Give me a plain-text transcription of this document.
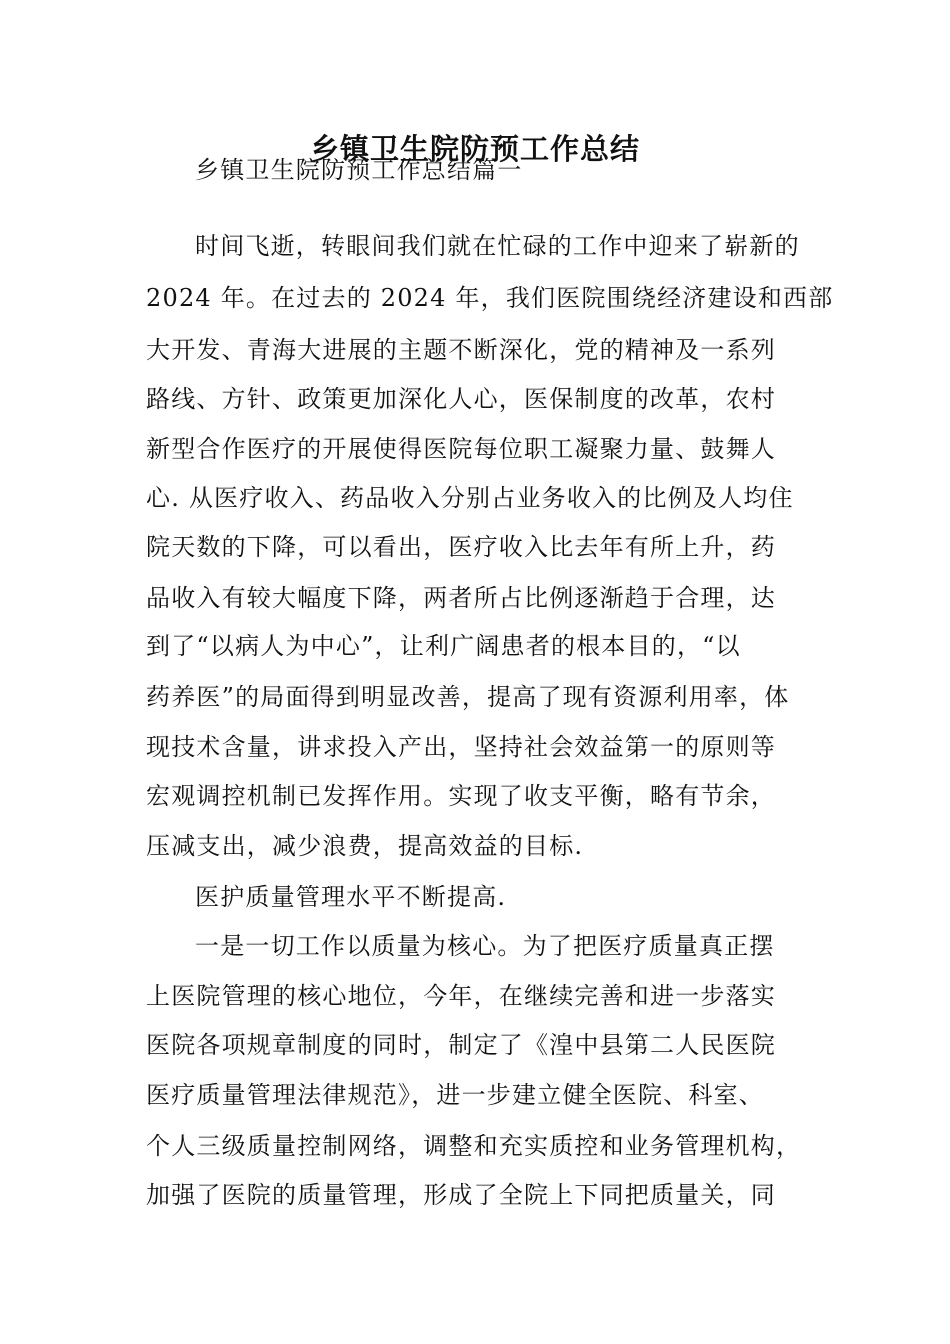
乡镇卫生院防预工作总结
乡镇卫生院防预工作总结篇一
时间飞逝，转眼间我们就在忙碌的工作中迎来了崭新的
2024 年。在过去的 2024 年，我们医院围绕经济建设和西部
大开发、青海大进展的主题不断深化，党的精神及一系列
路线、方针、政策更加深化人心，医保制度的改革，农村
新型合作医疗的开展使得医院每位职工凝聚力量、鼓舞人
心. 从医疗收入、药品收入分别占业务收入的比例及人均住
院天数的下降，可以看出，医疗收入比去年有所上升，药
品收入有较大幅度下降，两者所占比例逐渐趋于合理，达
到了“以病人为中心”，让利广阔患者的根本目的，“以
药养医”的局面得到明显改善，提高了现有资源利用率，体
现技术含量，讲求投入产出，坚持社会效益第一的原则等
宏观调控机制已发挥作用。实现了收支平衡，略有节余，
压减支出，减少浪费，提高效益的目标.
医护质量管理水平不断提高.
一是一切工作以质量为核心。为了把医疗质量真正摆
上医院管理的核心地位，今年，在继续完善和进一步落实
医院各项规章制度的同时，制定了《湟中县第二人民医院
医疗质量管理法律规范》，进一步建立健全医院、科室、
个人三级质量控制网络，调整和充实质控和业务管理机构，
加强了医院的质量管理，形成了全院上下同把质量关，同
